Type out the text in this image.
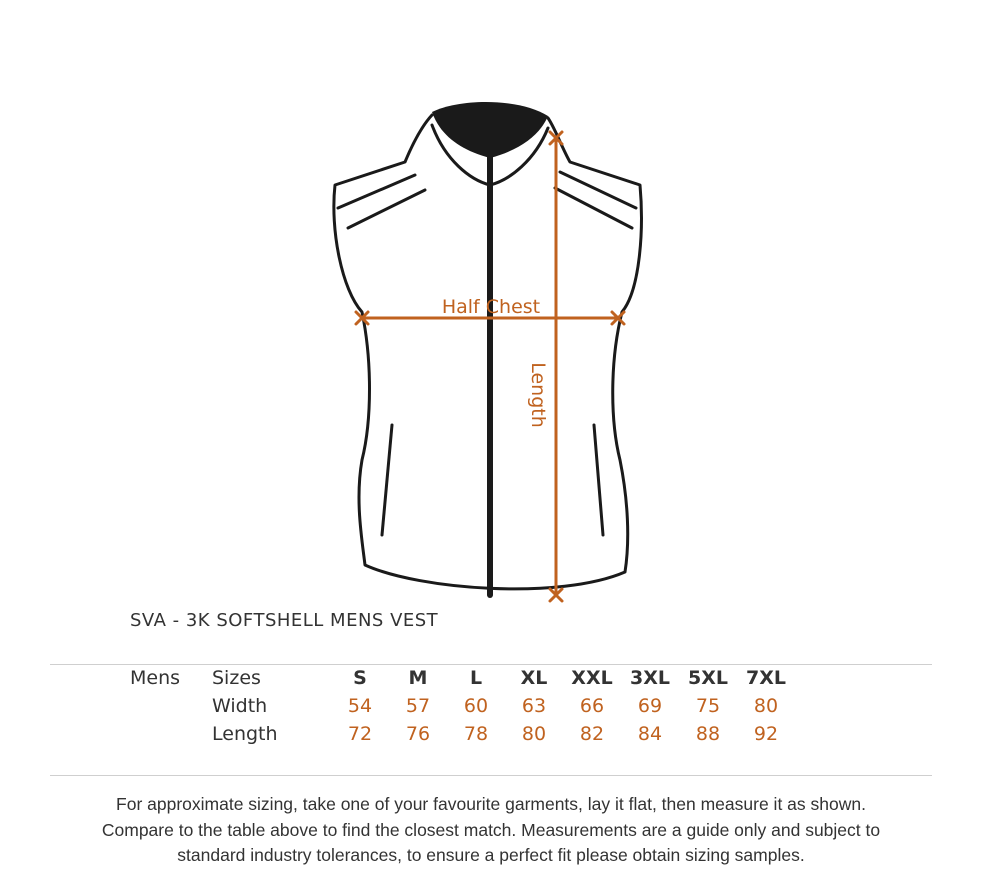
Half Chest
Length
SVA - 3K SOFTSHELL MENS VEST
Mens Sizes
Width
Length
S M L XL XXL 3XL 5XL 7XL
54 57 60 63 66 69 75 80
72 76 78 80 82 84 88 92
For approximate sizing, take one of your favourite garments, lay it flat, then measure it as shown.
Compare to the table above to find the closest match. Measurements are a guide only and subject to
standard industry tolerances, to ensure a perfect fit please obtain sizing samples.
